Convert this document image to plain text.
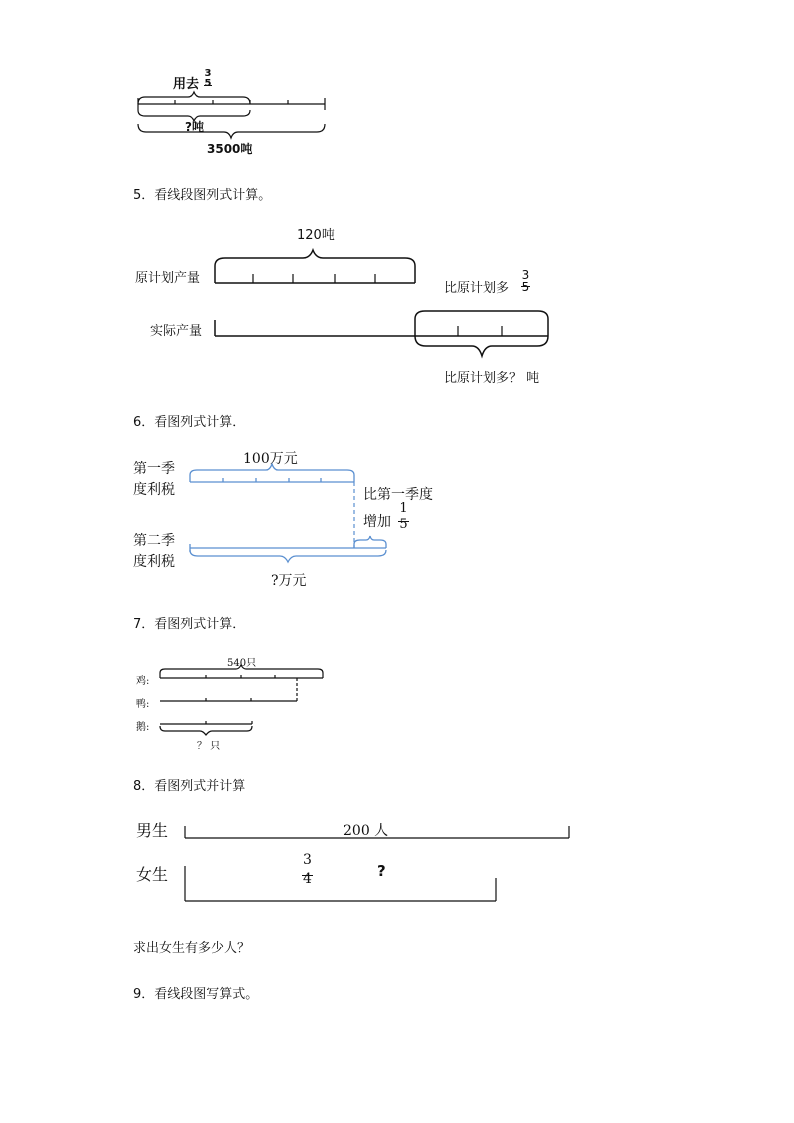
用去
3

5
?吨
3500吨
5．看线段图列式计算。
120吨
原计划产量
比原计划多
3

5
实际产量
比原计划多？ 吨
6．看图列式计算．
100万元
第一季
度利税	比第一季度
增加
1

5
第二季
度利税
?万元
7．看图列式计算．
540只
鸡:
鸭:
鹅:
？ 只
8．看图列式并计算
男生	200 人
女生
3

4	?
求出女生有多少人？
9．看线段图写算式。
